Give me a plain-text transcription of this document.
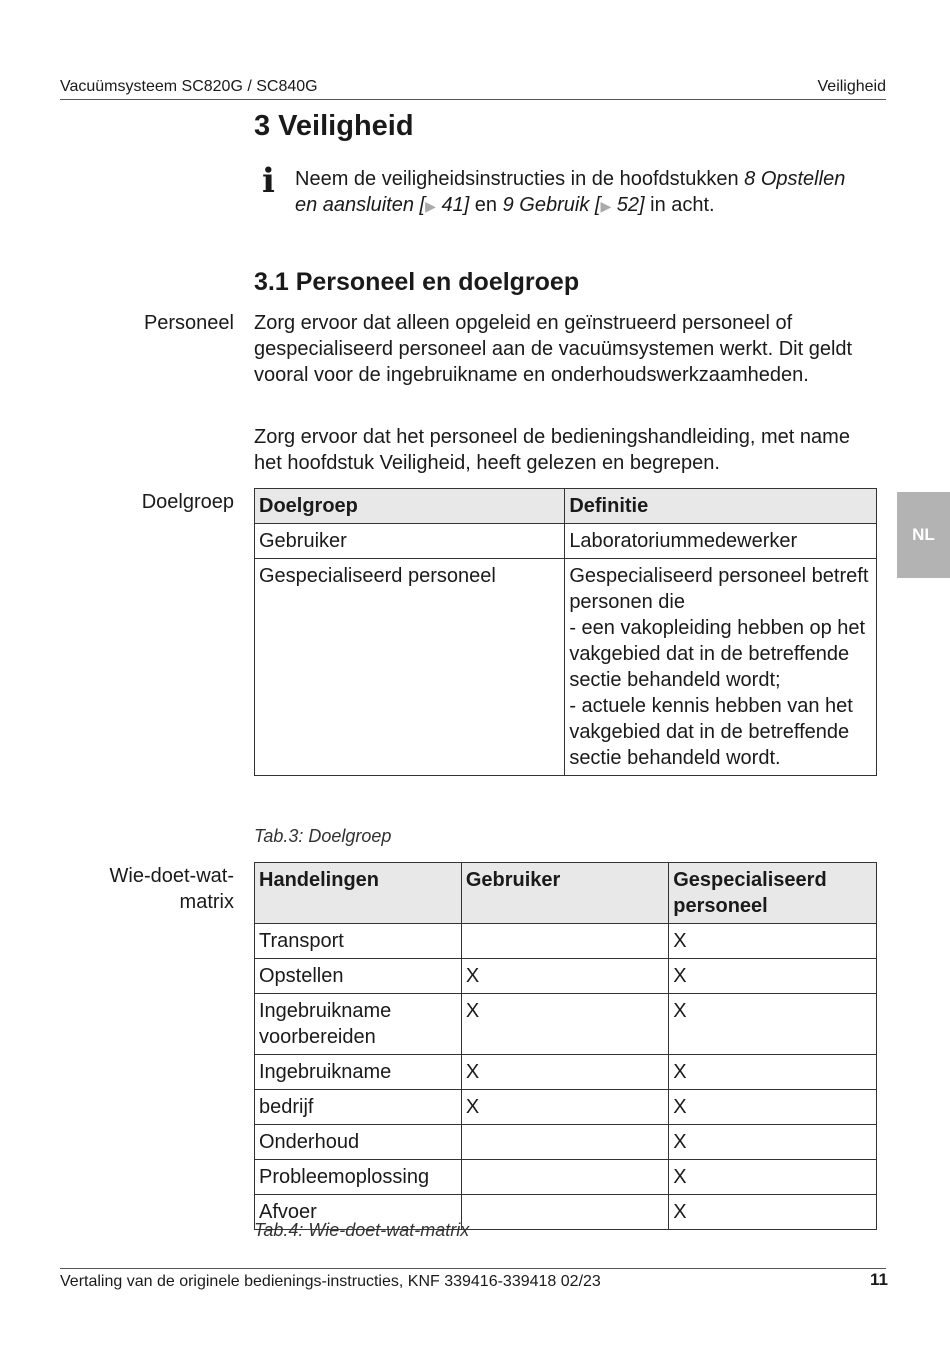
Vacuümsysteem SC820G / SC840G	Veiligheid
3 Veiligheid
i Neem de veiligheidsinstructies in de hoofdstukken 8 Opstellen en aansluiten [▶ 41] en 9 Gebruik [▶ 52] in acht.
3.1 Personeel en doelgroep
Personeel Zorg ervoor dat alleen opgeleid en geïnstrueerd personeel of gespecialiseerd personeel aan de vacuümsystemen werkt. Dit geldt vooral voor de ingebruikname en onderhoudswerkzaamheden.
Zorg ervoor dat het personeel de bedieningshandleiding, met name het hoofdstuk Veiligheid, heeft gelezen en begrepen.
Doelgroep Doelgroep	Definitie
Gebruiker	Laboratoriummedewerker
Gespecialiseerd personeel	Gespecialiseerd personeel betreft personen die
- een vakopleiding hebben op het vakgebied dat in de betreffende sectie behandeld wordt;
- actuele kennis hebben van het vakgebied dat in de betreffende sectie behandeld wordt.
Tab.3: Doelgroep
Wie-doet-wat-matrix
Handelingen	Gebruiker	Gespecialiseerd personeel
Transport		X
Opstellen	X	X
Ingebruikname voorbereiden	X	X
Ingebruikname	X	X
bedrijf	X	X
Onderhoud		X
Probleemoplossing		X
Afvoer		X
Tab.4: Wie-doet-wat-matrix
NL
Vertaling van de originele bedienings-instructies, KNF 339416-339418 02/23	11
